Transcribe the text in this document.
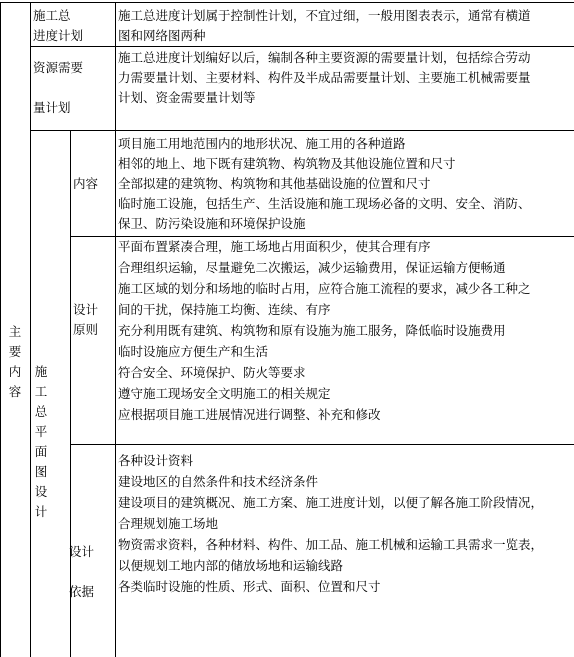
主要内容
施工总
进度计划
施工总进度计划属于控制性计划，不宜过细，一般用图表表示，通常有横道
图和网络图两种
资源需要
量计划
施工总进度计划编好以后，编制各种主要资源的需要量计划，包括综合劳动
力需要量计划、主要材料、构件及半成品需要量计划、主要施工机械需要量
计划、资金需要量计划等
施工总平面图设计
内容
项目施工用地范围内的地形状况、施工用的各种道路
相邻的地上、地下既有建筑物、构筑物及其他设施位置和尺寸
全部拟建的建筑物、构筑物和其他基础设施的位置和尺寸
临时施工设施，包括生产、生活设施和施工现场必备的文明、安全、消防、
保卫、防污染设施和环境保护设施
设计
原则
平面布置紧凑合理，施工场地占用面积少，使其合理有序
合理组织运输，尽量避免二次搬运，减少运输费用，保证运输方便畅通
施工区域的划分和场地的临时占用，应符合施工流程的要求，减少各工种之
间的干扰，保持施工均衡、连续、有序
充分利用既有建筑、构筑物和原有设施为施工服务，降低临时设施费用
临时设施应方便生产和生活
符合安全、环境保护、防火等要求
遵守施工现场安全文明施工的相关规定
应根据项目施工进展情况进行调整、补充和修改
设计
依据
各种设计资料
建设地区的自然条件和技术经济条件
建设项目的建筑概况、施工方案、施工进度计划，以便了解各施工阶段情况，
合理规划施工场地
物资需求资料，各种材料、构件、加工品、施工机械和运输工具需求一览表，
以便规划工地内部的储放场地和运输线路
各类临时设施的性质、形式、面积、位置和尺寸
